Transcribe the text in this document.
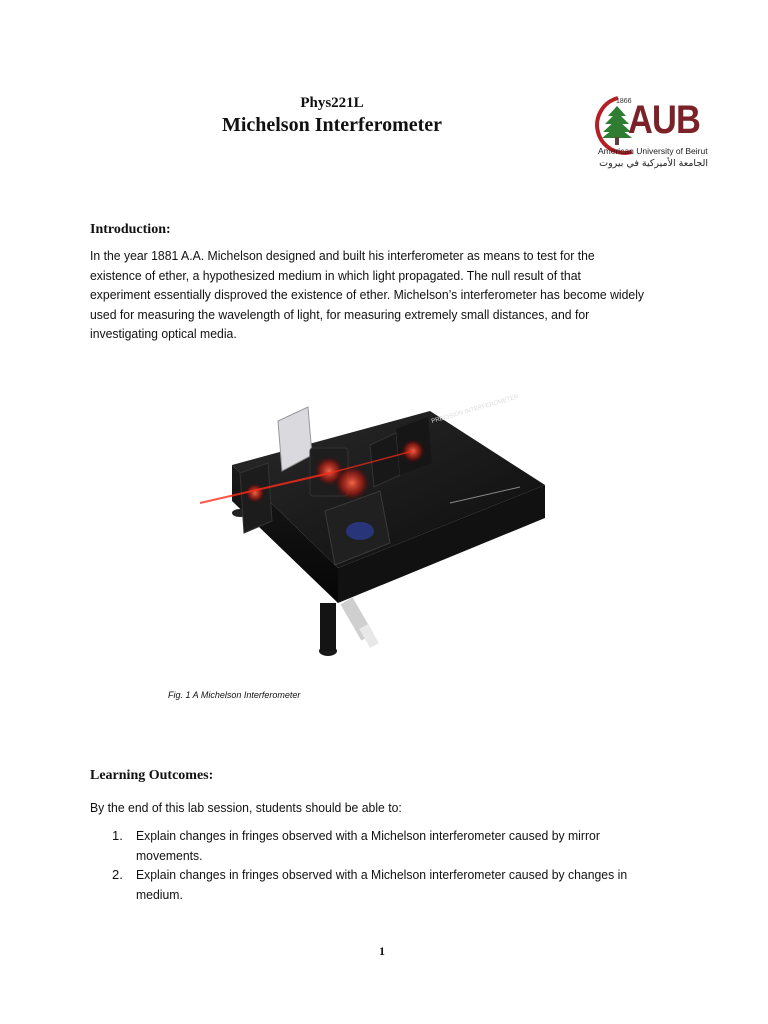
Phys221L
Michelson Interferometer
1866
AUB
American University of Beirut
الجامعة الأميركية في بيروت
Introduction:
In the year 1881 A.A. Michelson designed and built his interferometer as means to test for the existence of ether, a hypothesized medium in which light propagated. The null result of that experiment essentially disproved the existence of ether. Michelson’s interferometer has become widely used for measuring the wavelength of light, for measuring extremely small distances, and for investigating optical media.
PRECISION INTERFEROMETER
Fig. 1 A Michelson Interferometer
Learning Outcomes:
By the end of this lab session, students should be able to:
1. Explain changes in fringes observed with a Michelson interferometer caused by mirror movements.
2. Explain changes in fringes observed with a Michelson interferometer caused by changes in medium.
1
